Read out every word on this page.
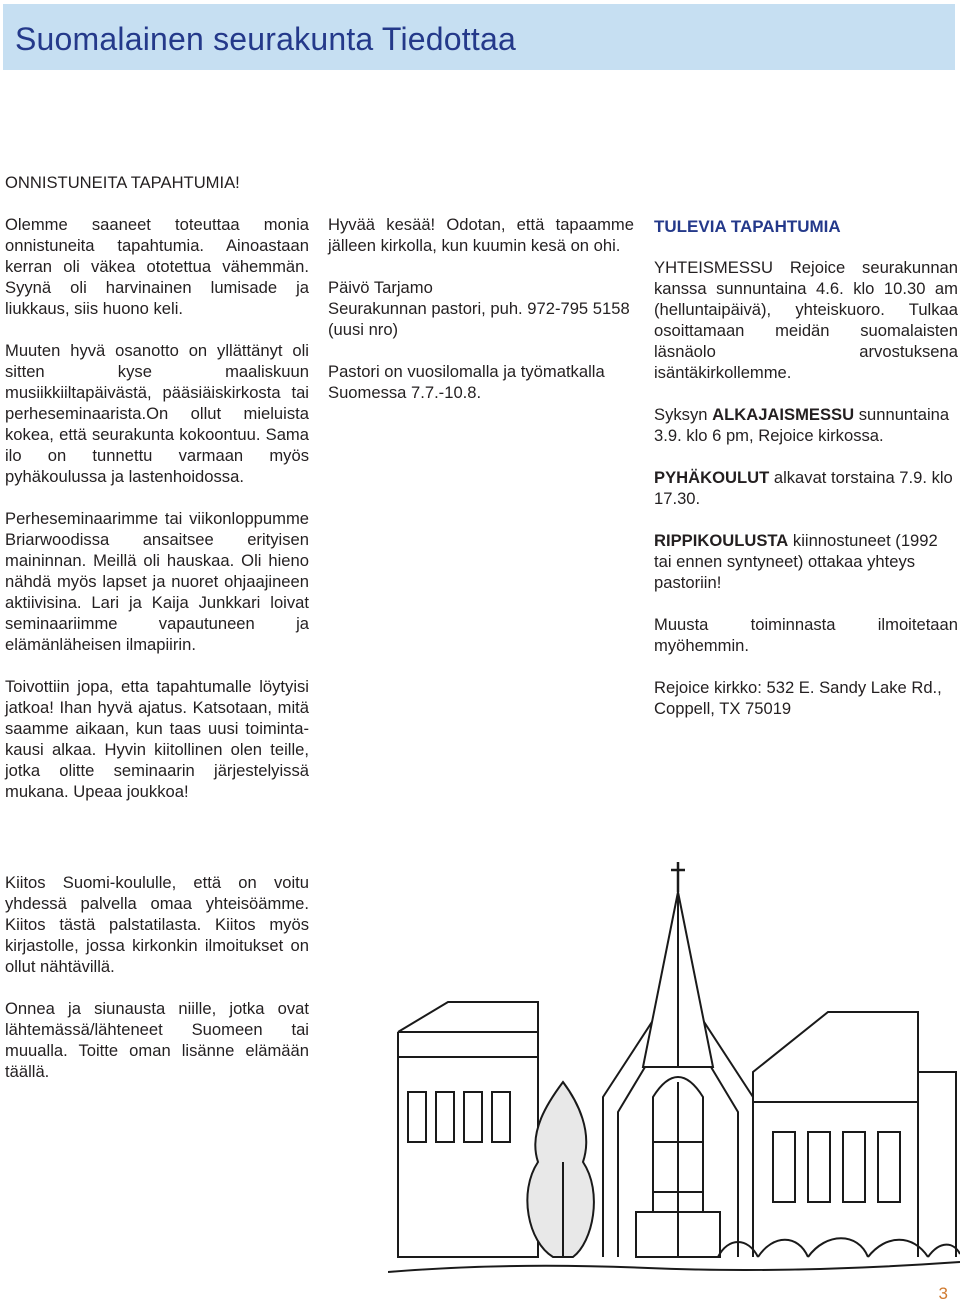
Suomalainen seurakunta Tiedottaa

ONNISTUNEITA TAPAHTUMIA!

Olemme saaneet toteuttaa monia onnistuneita tapahtumia. Ainoastaan kerran oli väkea ototettua vähemmän. Syynä oli harvinainen lumisade ja liukkaus, siis huono keli.

Muuten hyvä osanotto on yllättänyt oli sitten kyse maaliskuun musiikkiiltapäivästä, pääsiäiskirkosta tai perheseminaarista.On ollut mieluista kokea, että seurakunta kokoontuu. Sama ilo on tunnettu varmaan myös pyhäkoulussa ja lastenhoidossa.

Perheseminaarimme tai viikonloppumme Briarwoodissa ansaitsee erityisen maininnan. Meillä oli hauskaa. Oli hieno nähdä myös lapset ja nuoret ohjaajineen aktiivisina. Lari ja Kaija Junkkari loivat seminaariimme vapautuneen ja elämänläheisen ilmapiirin.

Toivottiin jopa, etta tapahtumalle löytyisi jatkoa! Ihan hyvä ajatus. Katsotaan, mitä saamme aikaan, kun taas uusi toiminta-kausi alkaa. Hyvin kiitollinen olen teille, jotka olitte seminaarin järjestelyissä mukana. Upeaa joukkoa!

Kiitos Suomi-koululle, että on voitu yhdessä palvella omaa yhteisöämme. Kiitos tästä palstatilasta. Kiitos myös kirjastolle, jossa kirkonkin ilmoitukset on ollut nähtävillä.

Onnea ja siunausta niille, jotka ovat lähtemässä/lähteneet Suomeen tai muualla. Toitte oman lisänne elämään täällä.

Hyvää kesää! Odotan, että tapaamme jälleen kirkolla, kun kuumin kesä on ohi.

Päivö Tarjamo
Seurakunnan pastori, puh. 972-795 5158 (uusi nro)

Pastori on vuosilomalla ja työmatkalla Suomessa 7.7.-10.8.

TULEVIA TAPAHTUMIA

YHTEISMESSU Rejoice seurakunnan kanssa sunnuntaina 4.6. klo 10.30 am (helluntaipäivä), yhteiskuoro. Tulkaa osoittamaan meidän suomalaisten läsnäolo arvostuksena isäntäkirkollemme.

Syksyn ALKAJAISMESSU sunnuntaina 3.9. klo 6 pm, Rejoice kirkossa.

PYHÄKOULUT alkavat torstaina 7.9. klo 17.30.

RIPPIKOULUSTA kiinnostuneet (1992 tai ennen syntyneet) ottakaa yhteys pastoriin!

Muusta toiminnasta ilmoitetaan myöhemmin.

Rejoice kirkko: 532 E. Sandy Lake Rd., Coppell, TX 75019

3
